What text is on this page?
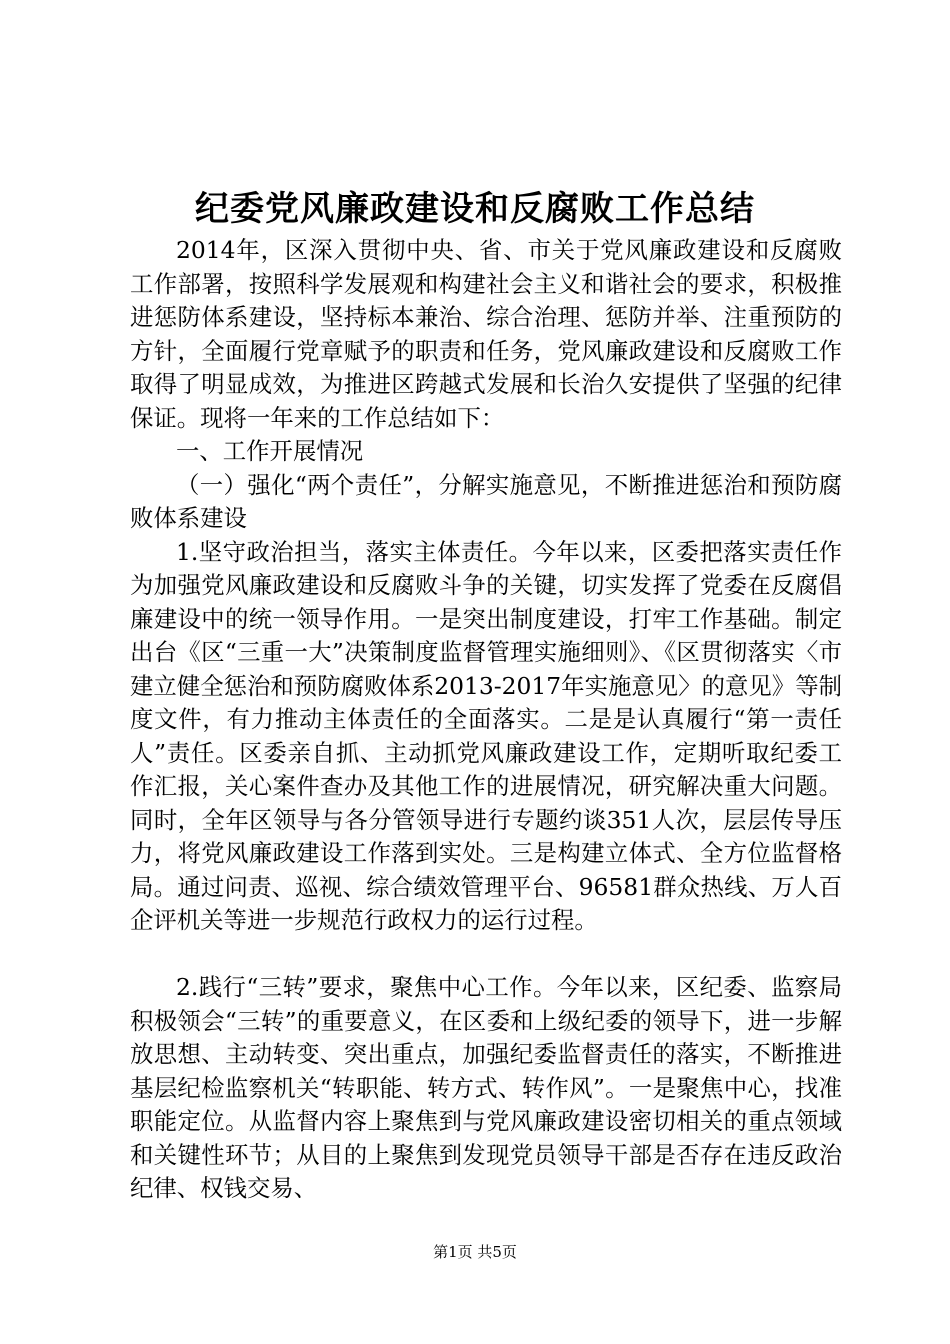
纪委党风廉政建设和反腐败工作总结

2014年，区深入贯彻中央、省、市关于党风廉政建设和反腐败工作部署，按照科学发展观和构建社会主义和谐社会的要求，积极推进惩防体系建设，坚持标本兼治、综合治理、惩防并举、注重预防的方针，全面履行党章赋予的职责和任务，党风廉政建设和反腐败工作取得了明显成效，为推进区跨越式发展和长治久安提供了坚强的纪律保证。现将一年来的工作总结如下：

一、工作开展情况

（一）强化“两个责任”，分解实施意见，不断推进惩治和预防腐败体系建设

1.坚守政治担当，落实主体责任。今年以来，区委把落实责任作为加强党风廉政建设和反腐败斗争的关键，切实发挥了党委在反腐倡廉建设中的统一领导作用。一是突出制度建设，打牢工作基础。制定出台《区“三重一大”决策制度监督管理实施细则》、《区贯彻落实〈市建立健全惩治和预防腐败体系2013-2017年实施意见〉的意见》等制度文件，有力推动主体责任的全面落实。二是是认真履行“第一责任人”责任。区委亲自抓、主动抓党风廉政建设工作，定期听取纪委工作汇报，关心案件查办及其他工作的进展情况，研究解决重大问题。同时，全年区领导与各分管领导进行专题约谈351人次，层层传导压力，将党风廉政建设工作落到实处。三是构建立体式、全方位监督格局。通过问责、巡视、综合绩效管理平台、96581群众热线、万人百企评机关等进一步规范行政权力的运行过程。

2.践行“三转”要求，聚焦中心工作。今年以来，区纪委、监察局积极领会“三转”的重要意义，在区委和上级纪委的领导下，进一步解放思想、主动转变、突出重点，加强纪委监督责任的落实，不断推进基层纪检监察机关“转职能、转方式、转作风”。一是聚焦中心，找准职能定位。从监督内容上聚焦到与党风廉政建设密切相关的重点领域和关键性环节；从目的上聚焦到发现党员领导干部是否存在违反政治纪律、权钱交易、

第1页 共5页
